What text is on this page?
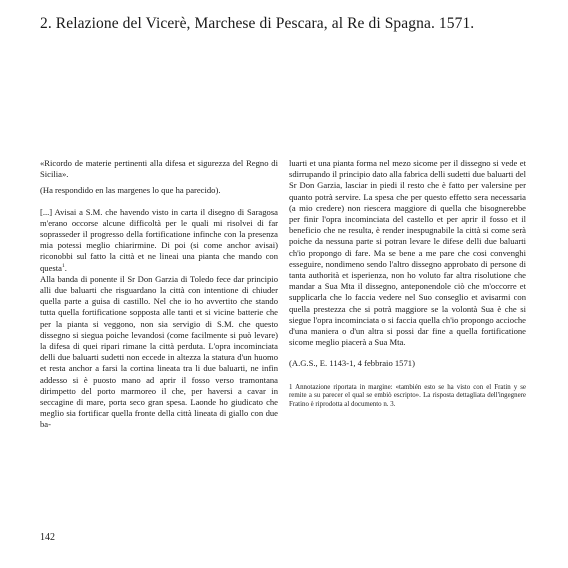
2. Relazione del Vicerè, Marchese di Pescara, al Re di Spagna. 1571.

«Ricordo de materie pertinenti alla difesa et sigurezza del Regno di Sicilia».

(Ha respondido en las margenes lo que ha parecido).

[...] Avisai a S.M. che havendo visto in carta il disegno di Saragosa m'erano occorse alcune difficoltà per le quali mi risolvei di far soprasseder il progresso della fortificatione infinche con la presenza mia potessi meglio chiarirmine. Di poi (si come anchor avisai) riconobbi sul fatto la città et ne lineai una pianta che mando con questa$^1$.

Alla banda di ponente il Sr Don Garzia di Toledo fece dar principio alli due baluarti che risguardano la città con intentione di chiuder quella parte a guisa di castillo. Nel che io ho avvertito che stando tutta quella fortificatione sopposta alle tanti et si vicine batterie che per la pianta si veggono, non sia servigio di S.M. che questo dissegno si siegua poiche levandosi (come facilmente si può levare) la difesa di quei ripari rimane la città perduta. L'opra incominciata delli due baluarti sudetti non eccede in altezza la statura d'un huomo et resta anchor a farsi la cortina lineata tra li due baluarti, ne infin addesso si è puosto mano ad aprir il fosso verso tramontana dirimpetto del porto marmoreo il che, per haversi a cavar in seccagine di mare, porta seco gran spesa. Laonde ho giudicato che meglio sia fortificar quella fronte della città lineata di giallo con due ba-

luarti et una pianta forma nel mezo sicome per il dissegno si vede et sdirrupando il principio dato alla fabrica delli sudetti due baluarti del Sr Don Garzia, lasciar in piedi il resto che è fatto per valersine per quanto potrà servire. La spesa che per questo effetto sera necessaria (a mio credere) non riescera maggiore di quella che bisognerebbe per finir l'opra incominciata del castello et per aprir il fosso et il beneficio che ne resulta, è render inespugnabile la città si come serà poiche da nessuna parte si potran levare le difese delli due baluarti ch'io propongo di fare. Ma se bene a me pare che cosi convenghi esseguire, nondimeno sendo l'altro dissegno approbato di persone di tanta authorità et isperienza, non ho voluto far altra risolutione che mandar a Sua Mta il dissegno, anteponendole ciò che m'occorre et supplicarla che lo faccia vedere nel Suo conseglio et avisarmi con quella prestezza che si potrà maggiore se la volontà Sua è che si siegue l'opra incominciata o si faccia quella ch'io propongo accioche d'una maniera o d'un altra si possi dar fine a quella fortificatione sicome meglio piacerà a Sua Mta.

(A.G.S., E. 1143-1, 4 febbraio 1571)

1 Annotazione riportata in margine: «también esto se ha visto con el Fratin y se remite a su parecer el qual se embiò escripto». La risposta dettagliata dell'ingegnere Fratino è riprodotta al documento n. 3.
142
